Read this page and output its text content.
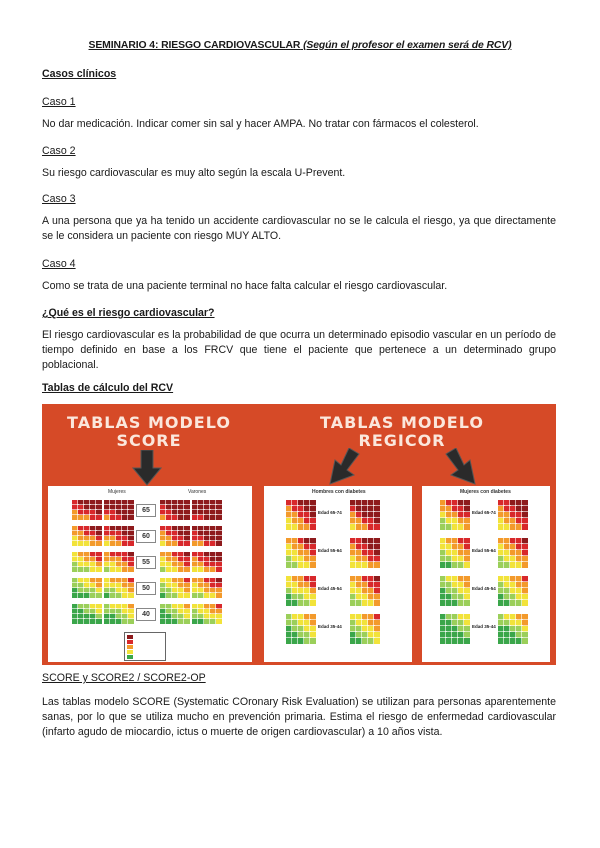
SEMINARIO 4: RIESGO CARDIOVASCULAR (Según el profesor el examen será de RCV)
Casos clínicos
Caso 1
No dar medicación. Indicar comer sin sal y hacer AMPA. No tratar con fármacos el colesterol.
Caso 2
Su riesgo cardiovascular es muy alto según la escala U-Prevent.
Caso 3
A una persona que ya ha tenido un accidente cardiovascular no se le calcula el riesgo, ya que directamente se le considera un paciente con riesgo MUY ALTO.
Caso 4
Como se trata de una paciente terminal no hace falta calcular el riesgo cardiovascular.
¿Qué es el riesgo cardiovascular?
El riesgo cardiovascular es la probabilidad de que ocurra un determinado episodio vascular en un período de tiempo definido en base a los FRCV que tiene el paciente que pertenece a un determinado grupo poblacional.
Tablas de cálculo del RCV
TABLAS MODELO
SCORE
TABLAS MODELO
REGICOR
Mujeres	Varones
65
60
55
50
40
Hombres con diabetes
Edad 65-74
Edad 55-64
Edad 45-54
Edad 35-44
Mujeres con diabetes
Edad 65-74
Edad 55-64
Edad 45-54
Edad 35-44
SCORE y SCORE2 / SCORE2-OP
Las tablas modelo SCORE (Systematic COronary Risk Evaluation) se utilizan para personas aparentemente sanas, por lo que se utiliza mucho en prevención primaria. Estima el riesgo de enfermedad cardiovascular (infarto agudo de miocardio, ictus o muerte de origen cardiovascular) a 10 años vista.
